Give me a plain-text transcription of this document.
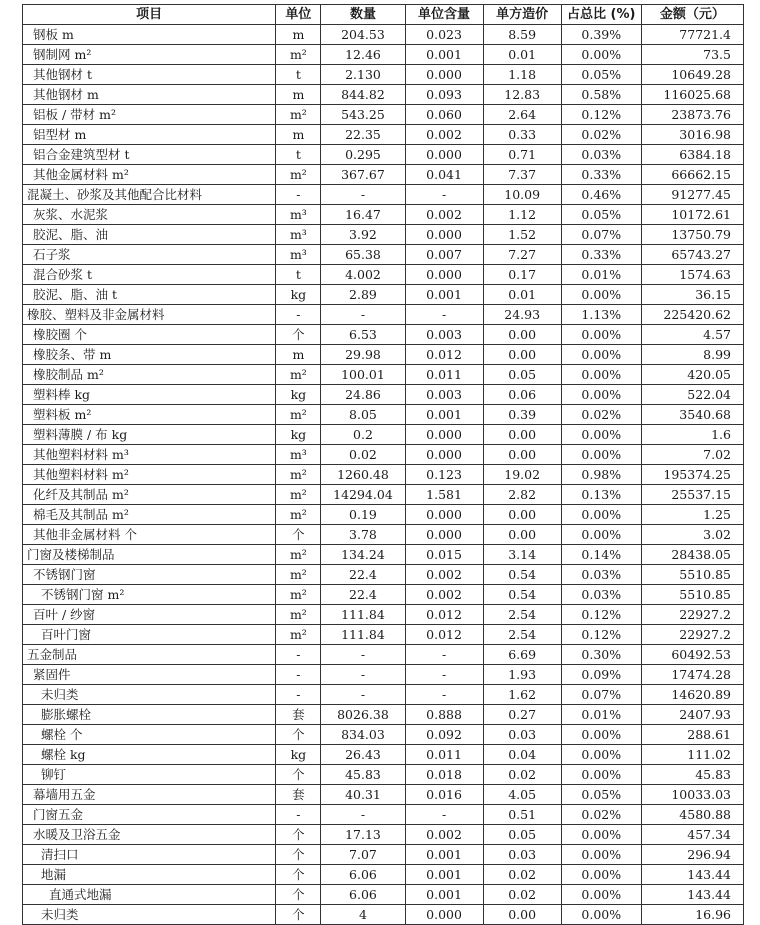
项目	单位	数量	单位含量	单方造价	占总比 (%)	金额（元）
钢板 m	m	204.53	0.023	8.59	0.39%	77721.4
钢制网 m²	m²	12.46	0.001	0.01	0.00%	73.5
其他钢材 t	t	2.130	0.000	1.18	0.05%	10649.28
其他钢材 m	m	844.82	0.093	12.83	0.58%	116025.68
铝板 / 带材 m²	m²	543.25	0.060	2.64	0.12%	23873.76
铝型材 m	m	22.35	0.002	0.33	0.02%	3016.98
铝合金建筑型材 t	t	0.295	0.000	0.71	0.03%	6384.18
其他金属材料 m²	m²	367.67	0.041	7.37	0.33%	66662.15
混凝土、砂浆及其他配合比材料	-	-	-	10.09	0.46%	91277.45
灰浆、水泥浆	m³	16.47	0.002	1.12	0.05%	10172.61
胶泥、脂、油	m³	3.92	0.000	1.52	0.07%	13750.79
石子浆	m³	65.38	0.007	7.27	0.33%	65743.27
混合砂浆 t	t	4.002	0.000	0.17	0.01%	1574.63
胶泥、脂、油 t	kg	2.89	0.001	0.01	0.00%	36.15
橡胶、塑料及非金属材料	-	-	-	24.93	1.13%	225420.62
橡胶圈 个	个	6.53	0.003	0.00	0.00%	4.57
橡胶条、带 m	m	29.98	0.012	0.00	0.00%	8.99
橡胶制品 m²	m²	100.01	0.011	0.05	0.00%	420.05
塑料棒 kg	kg	24.86	0.003	0.06	0.00%	522.04
塑料板 m²	m²	8.05	0.001	0.39	0.02%	3540.68
塑料薄膜 / 布 kg	kg	0.2	0.000	0.00	0.00%	1.6
其他塑料材料 m³	m³	0.02	0.000	0.00	0.00%	7.02
其他塑料材料 m²	m²	1260.48	0.123	19.02	0.98%	195374.25
化纤及其制品 m²	m²	14294.04	1.581	2.82	0.13%	25537.15
棉毛及其制品 m²	m²	0.19	0.000	0.00	0.00%	1.25
其他非金属材料 个	个	3.78	0.000	0.00	0.00%	3.02
门窗及楼梯制品	m²	134.24	0.015	3.14	0.14%	28438.05
不锈钢门窗	m²	22.4	0.002	0.54	0.03%	5510.85
不锈钢门窗 m²	m²	22.4	0.002	0.54	0.03%	5510.85
百叶 / 纱窗	m²	111.84	0.012	2.54	0.12%	22927.2
百叶门窗	m²	111.84	0.012	2.54	0.12%	22927.2
五金制品	-	-	-	6.69	0.30%	60492.53
紧固件	-	-	-	1.93	0.09%	17474.28
未归类	-	-	-	1.62	0.07%	14620.89
膨胀螺栓	套	8026.38	0.888	0.27	0.01%	2407.93
螺栓 个	个	834.03	0.092	0.03	0.00%	288.61
螺栓 kg	kg	26.43	0.011	0.04	0.00%	111.02
铆钉	个	45.83	0.018	0.02	0.00%	45.83
幕墙用五金	套	40.31	0.016	4.05	0.05%	10033.03
门窗五金	-	-	-	0.51	0.02%	4580.88
水暖及卫浴五金	个	17.13	0.002	0.05	0.00%	457.34
清扫口	个	7.07	0.001	0.03	0.00%	296.94
地漏	个	6.06	0.001	0.02	0.00%	143.44
直通式地漏	个	6.06	0.001	0.02	0.00%	143.44
未归类	个	4	0.000	0.00	0.00%	16.96
